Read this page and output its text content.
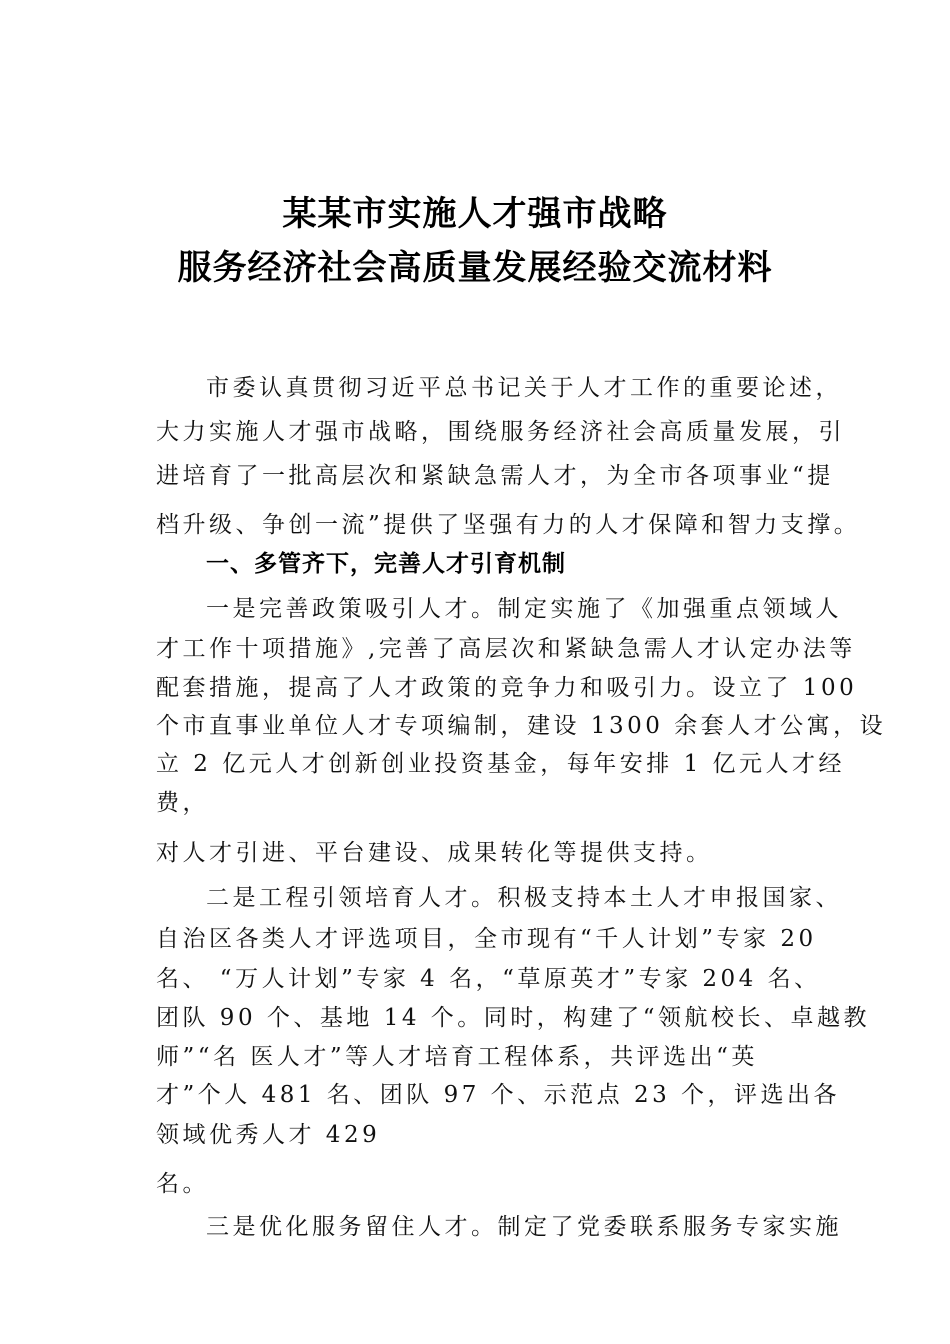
某某市实施人才强市战略
服务经济社会高质量发展经验交流材料
市委认真贯彻习近平总书记关于人才工作的重要论述，
大力实施人才强市战略，围绕服务经济社会高质量发展，引
进培育了一批高层次和紧缺急需人才，为全市各项事业“提
档升级、争创一流”提供了坚强有力的人才保障和智力支撑。
一、多管齐下，完善人才引育机制
一是完善政策吸引人才。制定实施了《加强重点领域人
才工作十项措施》,完善了高层次和紧缺急需人才认定办法等
配套措施，提高了人才政策的竞争力和吸引力。设立了 100
个市直事业单位人才专项编制，建设 1300 余套人才公寓，设
立 2 亿元人才创新创业投资基金，每年安排 1 亿元人才经
费，
对人才引进、平台建设、成果转化等提供支持。
二是工程引领培育人才。积极支持本土人才申报国家、
自治区各类人才评选项目，全市现有“千人计划”专家 20
名、 “万人计划”专家 4 名，“草原英才”专家 204 名、
团队 90 个、基地 14 个。同时，构建了“领航校长、卓越教
师”“名 医人才”等人才培育工程体系，共评选出“英
才”个人 481 名、团队 97 个、示范点 23 个，评选出各
领域优秀人才 429
名。
三是优化服务留住人才。制定了党委联系服务专家实施
